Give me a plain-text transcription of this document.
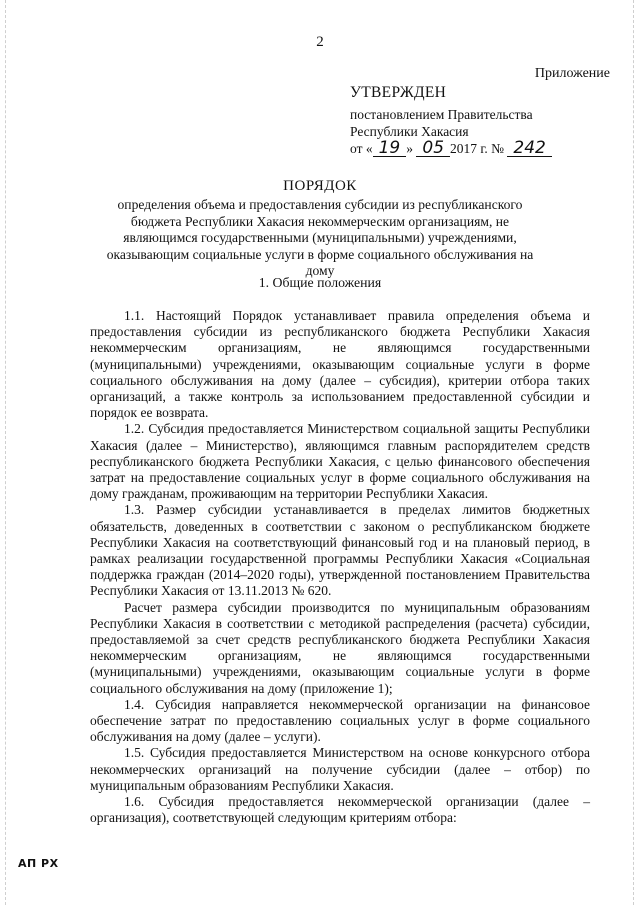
2
Приложение
УТВЕРЖДЕН
постановлением Правительства
Республики Хакасия
от « 19 » 05 2017 г. № 242
ПОРЯДОК
определения объема и предоставления субсидии из республиканского бюджета Республики Хакасия некоммерческим организациям, не являющимся государственными (муниципальными) учреждениями, оказывающим социальные услуги в форме социального обслуживания на дому
1. Общие положения

1.1. Настоящий Порядок устанавливает правила определения объема и предоставления субсидии из республиканского бюджета Республики Хакасия некоммерческим организациям, не являющимся государственными (муниципальными) учреждениями, оказывающим социальные услуги в форме социального обслуживания на дому (далее – субсидия), критерии отбора таких организаций, а также контроль за использованием предоставленной субсидии и порядок ее возврата.

1.2. Субсидия предоставляется Министерством социальной защиты Республики Хакасия (далее – Министерство), являющимся главным распорядителем средств республиканского бюджета Республики Хакасия, с целью финансового обеспечения затрат на предоставление социальных услуг в форме социального обслуживания на дому гражданам, проживающим на территории Республики Хакасия.

1.3. Размер субсидии устанавливается в пределах лимитов бюджетных обязательств, доведенных в соответствии с законом о республиканском бюджете Республики Хакасия на соответствующий финансовый год и на плановый период, в рамках реализации государственной программы Республики Хакасия «Социальная поддержка граждан (2014–2020 годы), утвержденной постановлением Правительства Республики Хакасия от 13.11.2013 № 620.

Расчет размера субсидии производится по муниципальным образованиям Республики Хакасия в соответствии с методикой распределения (расчета) субсидии, предоставляемой за счет средств республиканского бюджета Республики Хакасия некоммерческим организациям, не являющимся государственными (муниципальными) учреждениями, оказывающим социальные услуги в форме социального обслуживания на дому (приложение 1);

1.4. Субсидия направляется некоммерческой организации на финансовое обеспечение затрат по предоставлению социальных услуг в форме социального обслуживания на дому (далее – услуги).

1.5. Субсидия предоставляется Министерством на основе конкурсного отбора некоммерческих организаций на получение субсидии (далее – отбор) по муниципальным образованиям Республики Хакасия.

1.6. Субсидия предоставляется некоммерческой организации (далее – организация), соответствующей следующим критериям отбора:

АП РХ
